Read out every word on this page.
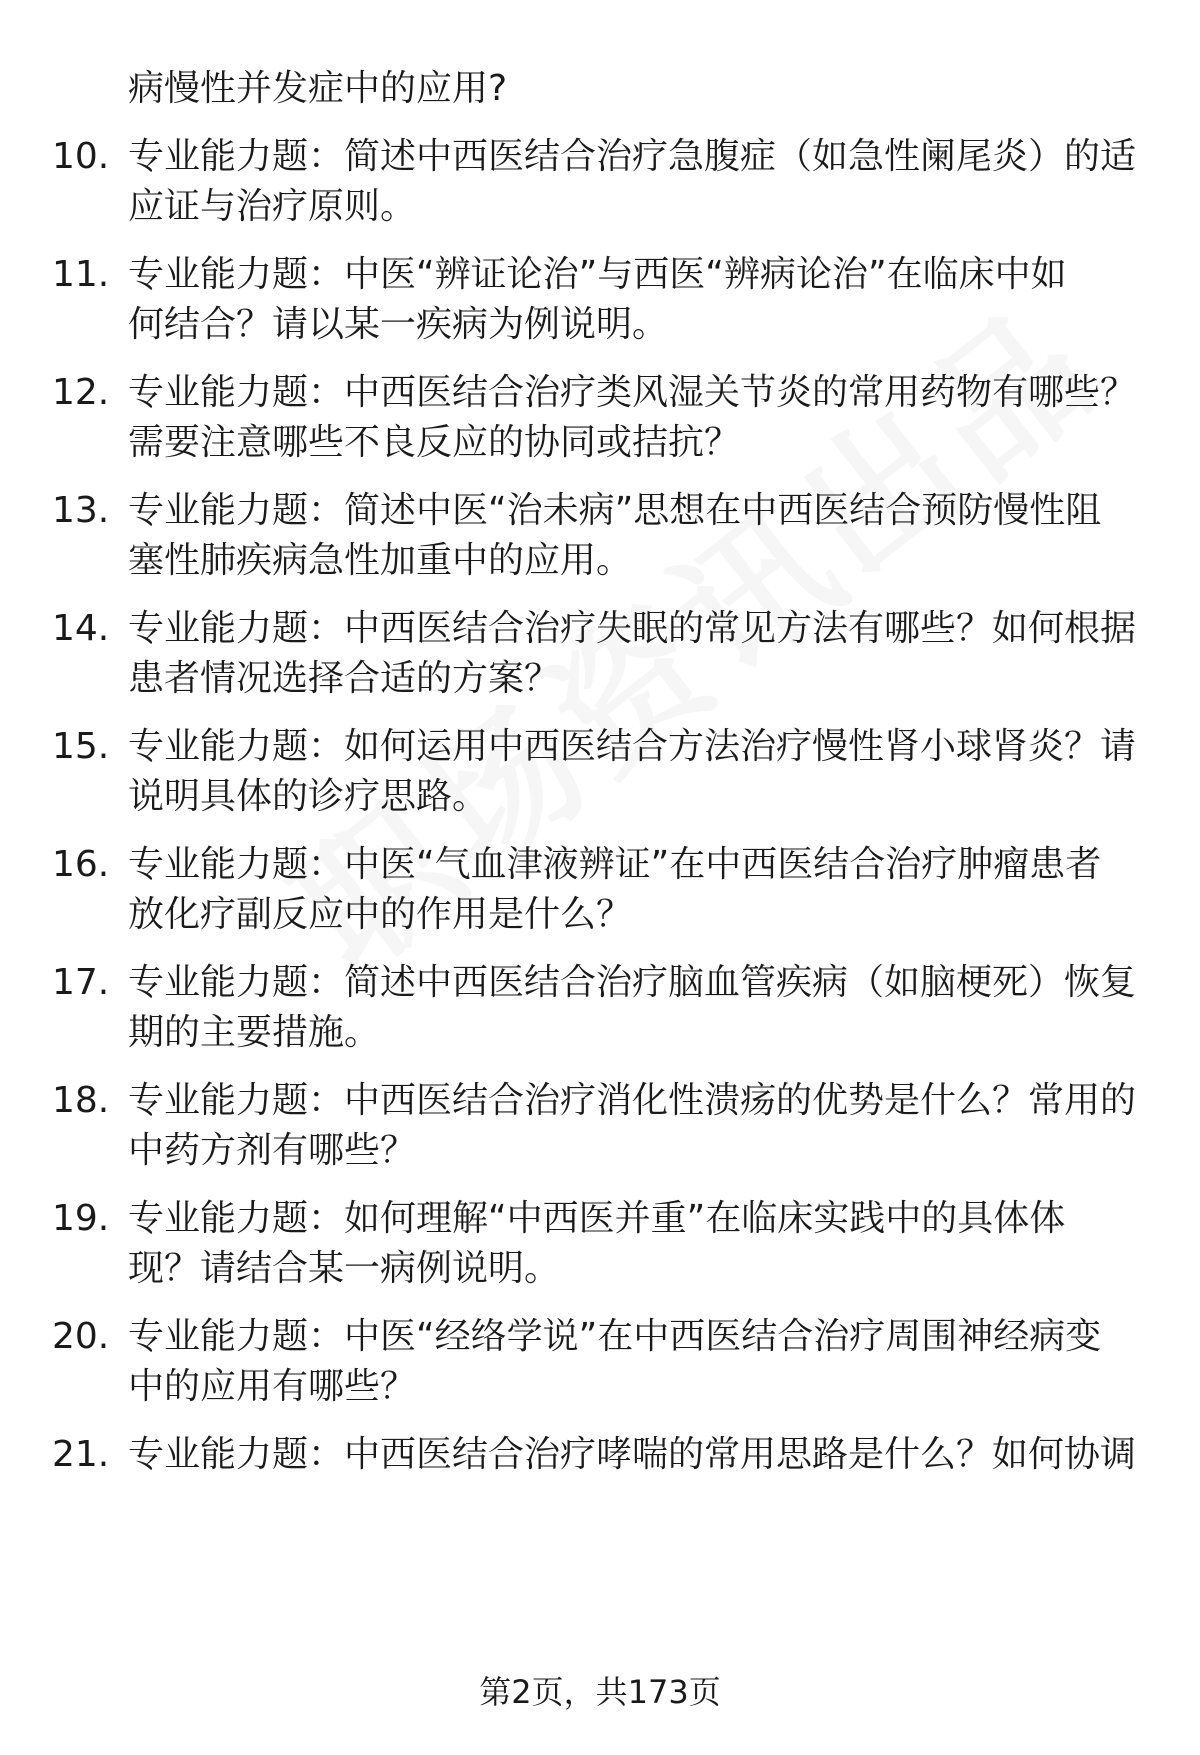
病慢性并发症中的应用?
10. 专业能力题：简述中西医结合治疗急腹症（如急性阑尾炎）的适
应证与治疗原则。
11. 专业能力题：中医“辨证论治”与西医“辨病论治”在临床中如
何结合？请以某一疾病为例说明。
12. 专业能力题：中西医结合治疗类风湿关节炎的常用药物有哪些？
需要注意哪些不良反应的协同或拮抗？
13. 专业能力题：简述中医“治未病”思想在中西医结合预防慢性阻
塞性肺疾病急性加重中的应用。
14. 专业能力题：中西医结合治疗失眠的常见方法有哪些？如何根据
患者情况选择合适的方案？
15. 专业能力题：如何运用中西医结合方法治疗慢性肾小球肾炎？请
说明具体的诊疗思路。
16. 专业能力题：中医“气血津液辨证”在中西医结合治疗肿瘤患者
放化疗副反应中的作用是什么？
17. 专业能力题：简述中西医结合治疗脑血管疾病（如脑梗死）恢复
期的主要措施。
18. 专业能力题：中西医结合治疗消化性溃疡的优势是什么？常用的
中药方剂有哪些？
19. 专业能力题：如何理解“中西医并重”在临床实践中的具体体
现？请结合某一病例说明。
20. 专业能力题：中医“经络学说”在中西医结合治疗周围神经病变
中的应用有哪些？
21. 专业能力题：中西医结合治疗哮喘的常用思路是什么？如何协调
第2页，共173页
